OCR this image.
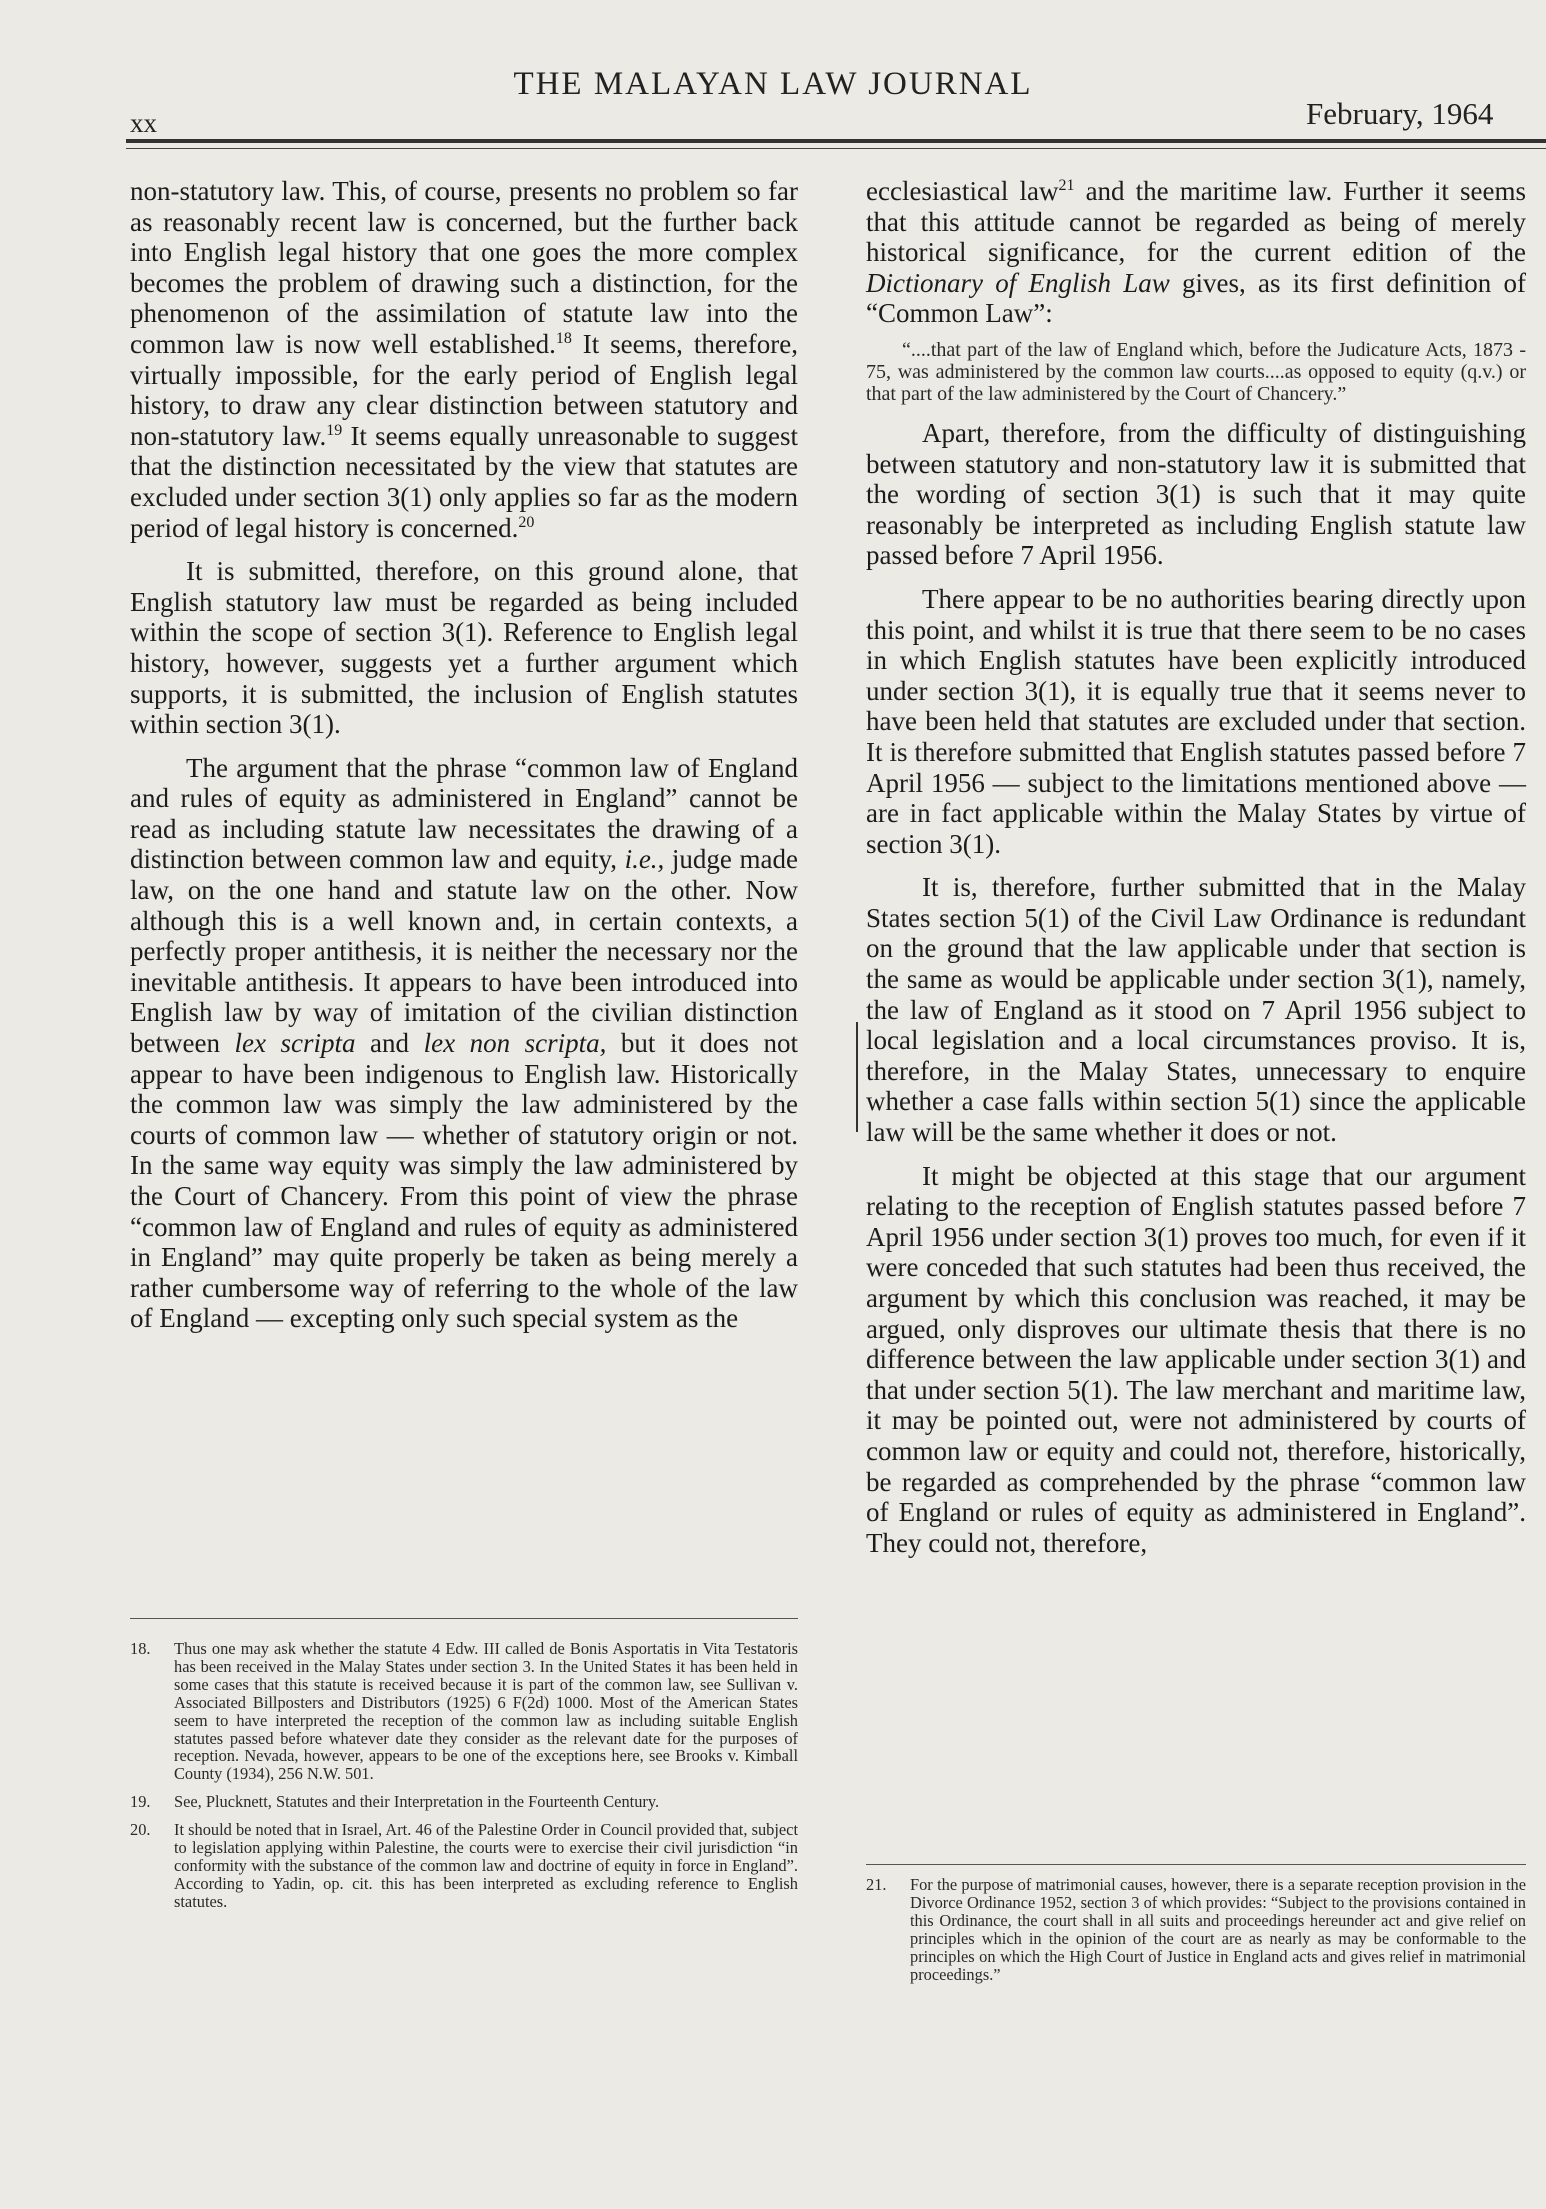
THE MALAYAN LAW JOURNAL
xx	February, 1964

non-statutory law. This, of course, presents no problem so far as reasonably recent law is concerned, but the further back into English legal history that one goes the more complex becomes the problem of drawing such a distinction, for the phenomenon of the assimilation of statute law into the common law is now well established.$^{18}$ It seems, therefore, virtually impossible, for the early period of English legal history, to draw any clear distinction between statutory and non-statutory law.$^{19}$ It seems equally unreasonable to suggest that the distinction necessitated by the view that statutes are excluded under section 3(1) only applies so far as the modern period of legal history is concerned.$^{20}$

It is submitted, therefore, on this ground alone, that English statutory law must be regarded as being included within the scope of section 3(1). Reference to English legal history, however, suggests yet a further argument which supports, it is submitted, the inclusion of English statutes within section 3(1).

The argument that the phrase “common law of England and rules of equity as administered in England” cannot be read as including statute law necessitates the drawing of a distinction between common law and equity, i.e., judge made law, on the one hand and statute law on the other. Now although this is a well known and, in certain contexts, a perfectly proper antithesis, it is neither the necessary nor the inevitable antithesis. It appears to have been introduced into English law by way of imitation of the civilian distinction between lex scripta and lex non scripta, but it does not appear to have been indigenous to English law. Historically the common law was simply the law administered by the courts of common law — whether of statutory origin or not. In the same way equity was simply the law administered by the Court of Chancery. From this point of view the phrase “common law of England and rules of equity as administered in England” may quite properly be taken as being merely a rather cumbersome way of referring to the whole of the law of England — excepting only such special system as the

ecclesiastical law$^{21}$ and the maritime law. Further it seems that this attitude cannot be regarded as being of merely historical significance, for the current edition of the Dictionary of English Law gives, as its first definition of “Common Law”:

“....that part of the law of England which, before the Judicature Acts, 1873 - 75, was administered by the common law courts....as opposed to equity (q.v.) or that part of the law administered by the Court of Chancery.”

Apart, therefore, from the difficulty of distinguishing between statutory and non-statutory law it is submitted that the wording of section 3(1) is such that it may quite reasonably be interpreted as including English statute law passed before 7 April 1956.

There appear to be no authorities bearing directly upon this point, and whilst it is true that there seem to be no cases in which English statutes have been explicitly introduced under section 3(1), it is equally true that it seems never to have been held that statutes are excluded under that section. It is therefore submitted that English statutes passed before 7 April 1956 — subject to the limitations mentioned above — are in fact applicable within the Malay States by virtue of section 3(1).

It is, therefore, further submitted that in the Malay States section 5(1) of the Civil Law Ordinance is redundant on the ground that the law applicable under that section is the same as would be applicable under section 3(1), namely, the law of England as it stood on 7 April 1956 subject to local legislation and a local circumstances proviso. It is, therefore, in the Malay States, unnecessary to enquire whether a case falls within section 5(1) since the applicable law will be the same whether it does or not.

It might be objected at this stage that our argument relating to the reception of English statutes passed before 7 April 1956 under section 3(1) proves too much, for even if it were conceded that such statutes had been thus received, the argument by which this conclusion was reached, it may be argued, only disproves our ultimate thesis that there is no difference between the law applicable under section 3(1) and that under section 5(1). The law merchant and maritime law, it may be pointed out, were not administered by courts of common law or equity and could not, therefore, historically, be regarded as comprehended by the phrase “common law of England or rules of equity as administered in England”. They could not, therefore,

18.	Thus one may ask whether the statute 4 Edw. III called de Bonis Asportatis in Vita Testatoris has been received in the Malay States under section 3. In the United States it has been held in some cases that this statute is received because it is part of the common law, see Sullivan v. Associated Billposters and Distributors (1925) 6 F(2d) 1000. Most of the American States seem to have interpreted the reception of the common law as including suitable English statutes passed before whatever date they consider as the relevant date for the purposes of reception. Nevada, however, appears to be one of the exceptions here, see Brooks v. Kimball County (1934), 256 N.W. 501.
19.	See, Plucknett, Statutes and their Interpretation in the Fourteenth Century.
20.	It should be noted that in Israel, Art. 46 of the Palestine Order in Council provided that, subject to legislation applying within Palestine, the courts were to exercise their civil jurisdiction “in conformity with the substance of the common law and doctrine of equity in force in England”. According to Yadin, op. cit. this has been interpreted as excluding reference to English statutes.
21.	For the purpose of matrimonial causes, however, there is a separate reception provision in the Divorce Ordinance 1952, section 3 of which provides: “Subject to the provisions contained in this Ordinance, the court shall in all suits and proceedings hereunder act and give relief on principles which in the opinion of the court are as nearly as may be conformable to the principles on which the High Court of Justice in England acts and gives relief in matrimonial proceedings.”
